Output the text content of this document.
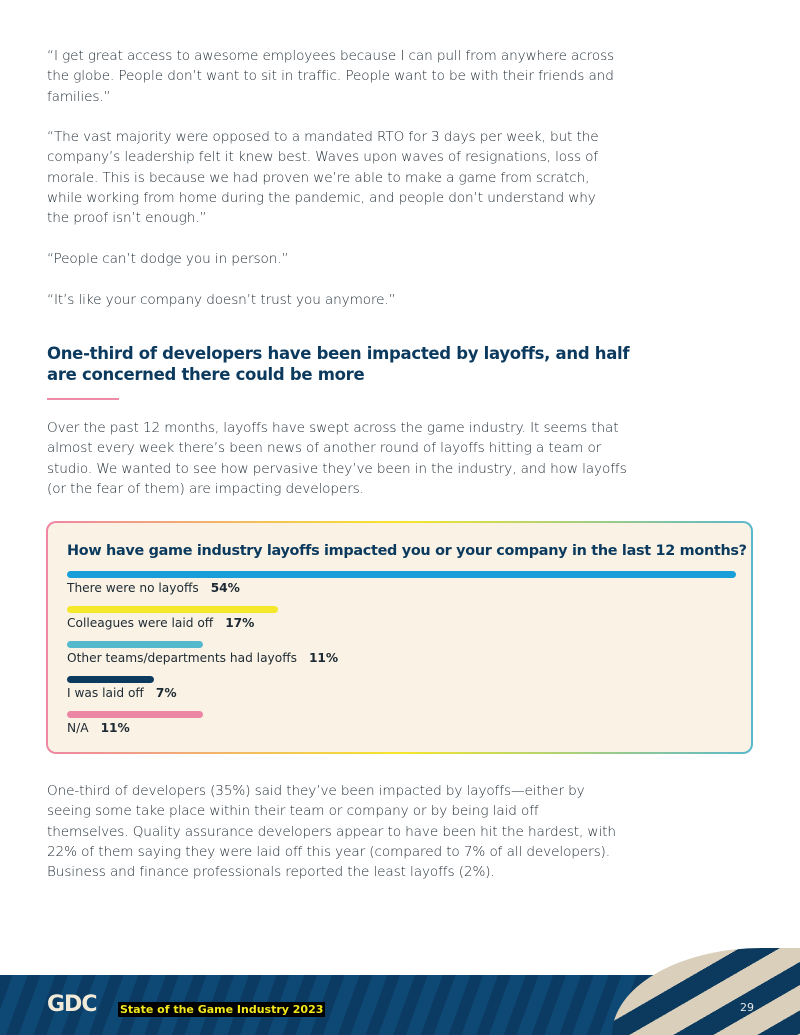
“I get great access to awesome employees because I can pull from anywhere across the globe. People don’t want to sit in traffic. People want to be with their friends and families.”

“The vast majority were opposed to a mandated RTO for 3 days per week, but the company’s leadership felt it knew best. Waves upon waves of resignations, loss of morale. This is because we had proven we’re able to make a game from scratch, while working from home during the pandemic, and people don’t understand why the proof isn’t enough.”

“People can’t dodge you in person.”

“It’s like your company doesn’t trust you anymore.”

One-third of developers have been impacted by layoffs, and half are concerned there could be more

Over the past 12 months, layoffs have swept across the game industry. It seems that almost every week there’s been news of another round of layoffs hitting a team or studio. We wanted to see how pervasive they’ve been in the industry, and how layoffs (or the fear of them) are impacting developers.

How have game industry layoffs impacted you or your company in the last 12 months?
There were no layoffs 54%
Colleagues were laid off 17%
Other teams/departments had layoffs 11%
I was laid off 7%
N/A 11%

One-third of developers (35%) said they’ve been impacted by layoffs—either by seeing some take place within their team or company or by being laid off themselves. Quality assurance developers appear to have been hit the hardest, with 22% of them saying they were laid off this year (compared to 7% of all developers). Business and finance professionals reported the least layoffs (2%).

GDC State of the Game Industry 2023	29
